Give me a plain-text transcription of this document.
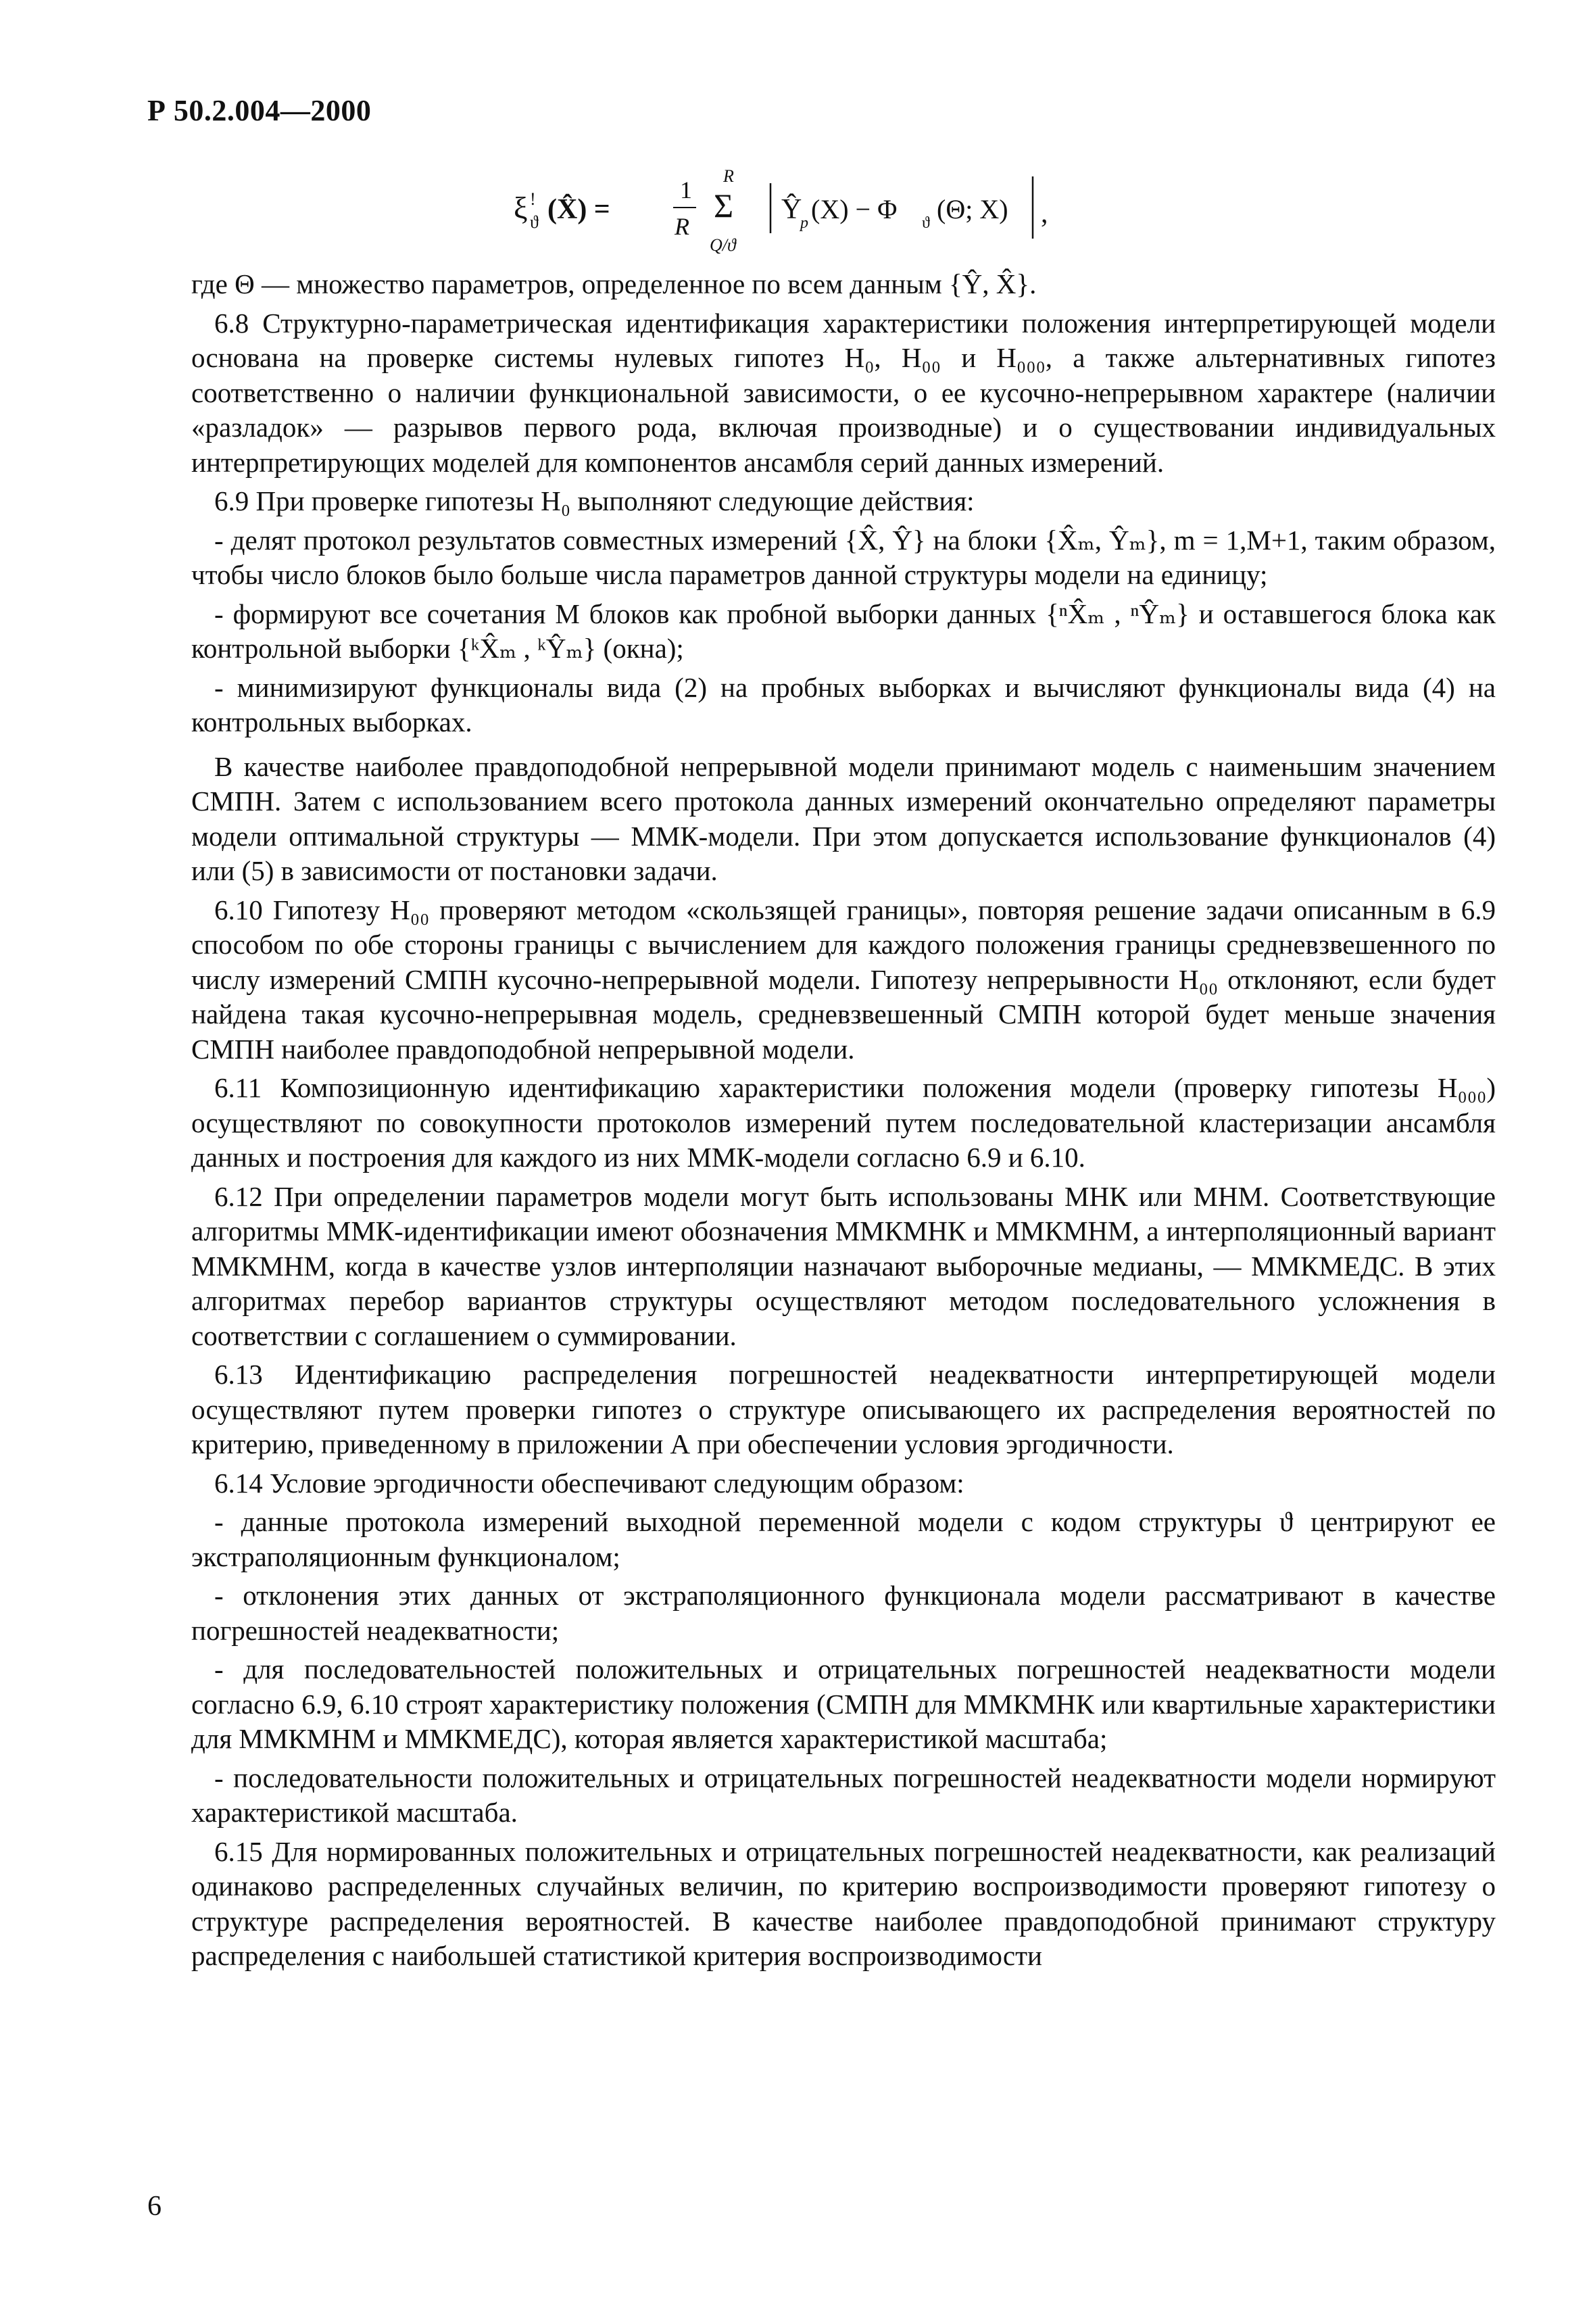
Р 50.2.004—2000
ξ !
ϑ (X̂) =
1
R
R
Σ
Q/ϑ
Ŷ
p (X) − Φ ϑ (Θ; X) ,

где Θ — множество параметров, определенное по всем данным {Ŷ, X̂}.

6.8 Структурно-параметрическая идентификация характеристики положения интерпретирующей модели основана на проверке системы нулевых гипотез H₀, H₀₀ и H₀₀₀, а также альтернативных гипотез соответственно о наличии функциональной зависимости, о ее кусочно-непрерывном характере (наличии «разладок» — разрывов первого рода, включая производные) и о существовании индивидуальных интерпретирующих моделей для компонентов ансамбля серий данных измерений.

6.9 При проверке гипотезы H₀ выполняют следующие действия:

- делят протокол результатов совместных измерений {X̂, Ŷ} на блоки {X̂ₘ, Ŷₘ}, m = 1,M+1, таким образом, чтобы число блоков было больше числа параметров данной структуры модели на единицу;

- формируют все сочетания M блоков как пробной выборки данных {ⁿX̂ₘ , ⁿŶₘ} и оставшегося блока как контрольной выборки {ᵏX̂ₘ , ᵏŶₘ} (окна);

- минимизируют функционалы вида (2) на пробных выборках и вычисляют функционалы вида (4) на контрольных выборках.

В качестве наиболее правдоподобной непрерывной модели принимают модель с наименьшим значением СМПН. Затем с использованием всего протокола данных измерений окончательно определяют параметры модели оптимальной структуры — ММК-модели. При этом допускается использование функционалов (4) или (5) в зависимости от постановки задачи.

6.10 Гипотезу H₀₀ проверяют методом «скользящей границы», повторяя решение задачи описанным в 6.9 способом по обе стороны границы с вычислением для каждого положения границы средневзвешенного по числу измерений СМПН кусочно-непрерывной модели. Гипотезу непрерывности H₀₀ отклоняют, если будет найдена такая кусочно-непрерывная модель, средневзвешенный СМПН которой будет меньше значения СМПН наиболее правдоподобной непрерывной модели.

6.11 Композиционную идентификацию характеристики положения модели (проверку гипотезы H₀₀₀) осуществляют по совокупности протоколов измерений путем последовательной кластеризации ансамбля данных и построения для каждого из них ММК-модели согласно 6.9 и 6.10.

6.12 При определении параметров модели могут быть использованы МНК или МНМ. Соответствующие алгоритмы ММК-идентификации имеют обозначения ММКМНК и ММКМНМ, а интерполяционный вариант ММКМНМ, когда в качестве узлов интерполяции назначают выборочные медианы, — ММКМЕДС. В этих алгоритмах перебор вариантов структуры осуществляют методом последовательного усложнения в соответствии с соглашением о суммировании.

6.13 Идентификацию распределения погрешностей неадекватности интерпретирующей модели осуществляют путем проверки гипотез о структуре описывающего их распределения вероятностей по критерию, приведенному в приложении А при обеспечении условия эргодичности.

6.14 Условие эргодичности обеспечивают следующим образом:

- данные протокола измерений выходной переменной модели с кодом структуры ϑ центрируют ее экстраполяционным функционалом;

- отклонения этих данных от экстраполяционного функционала модели рассматривают в качестве погрешностей неадекватности;

- для последовательностей положительных и отрицательных погрешностей неадекватности модели согласно 6.9, 6.10 строят характеристику положения (СМПН для ММКМНК или квартильные характеристики для ММКМНМ и ММКМЕДС), которая является характеристикой масштаба;

- последовательности положительных и отрицательных погрешностей неадекватности модели нормируют характеристикой масштаба.

6.15 Для нормированных положительных и отрицательных погрешностей неадекватности, как реализаций одинаково распределенных случайных величин, по критерию воспроизводимости проверяют гипотезу о структуре распределения вероятностей. В качестве наиболее правдоподобной принимают структуру распределения с наибольшей статистикой критерия воспроизводимости

6
